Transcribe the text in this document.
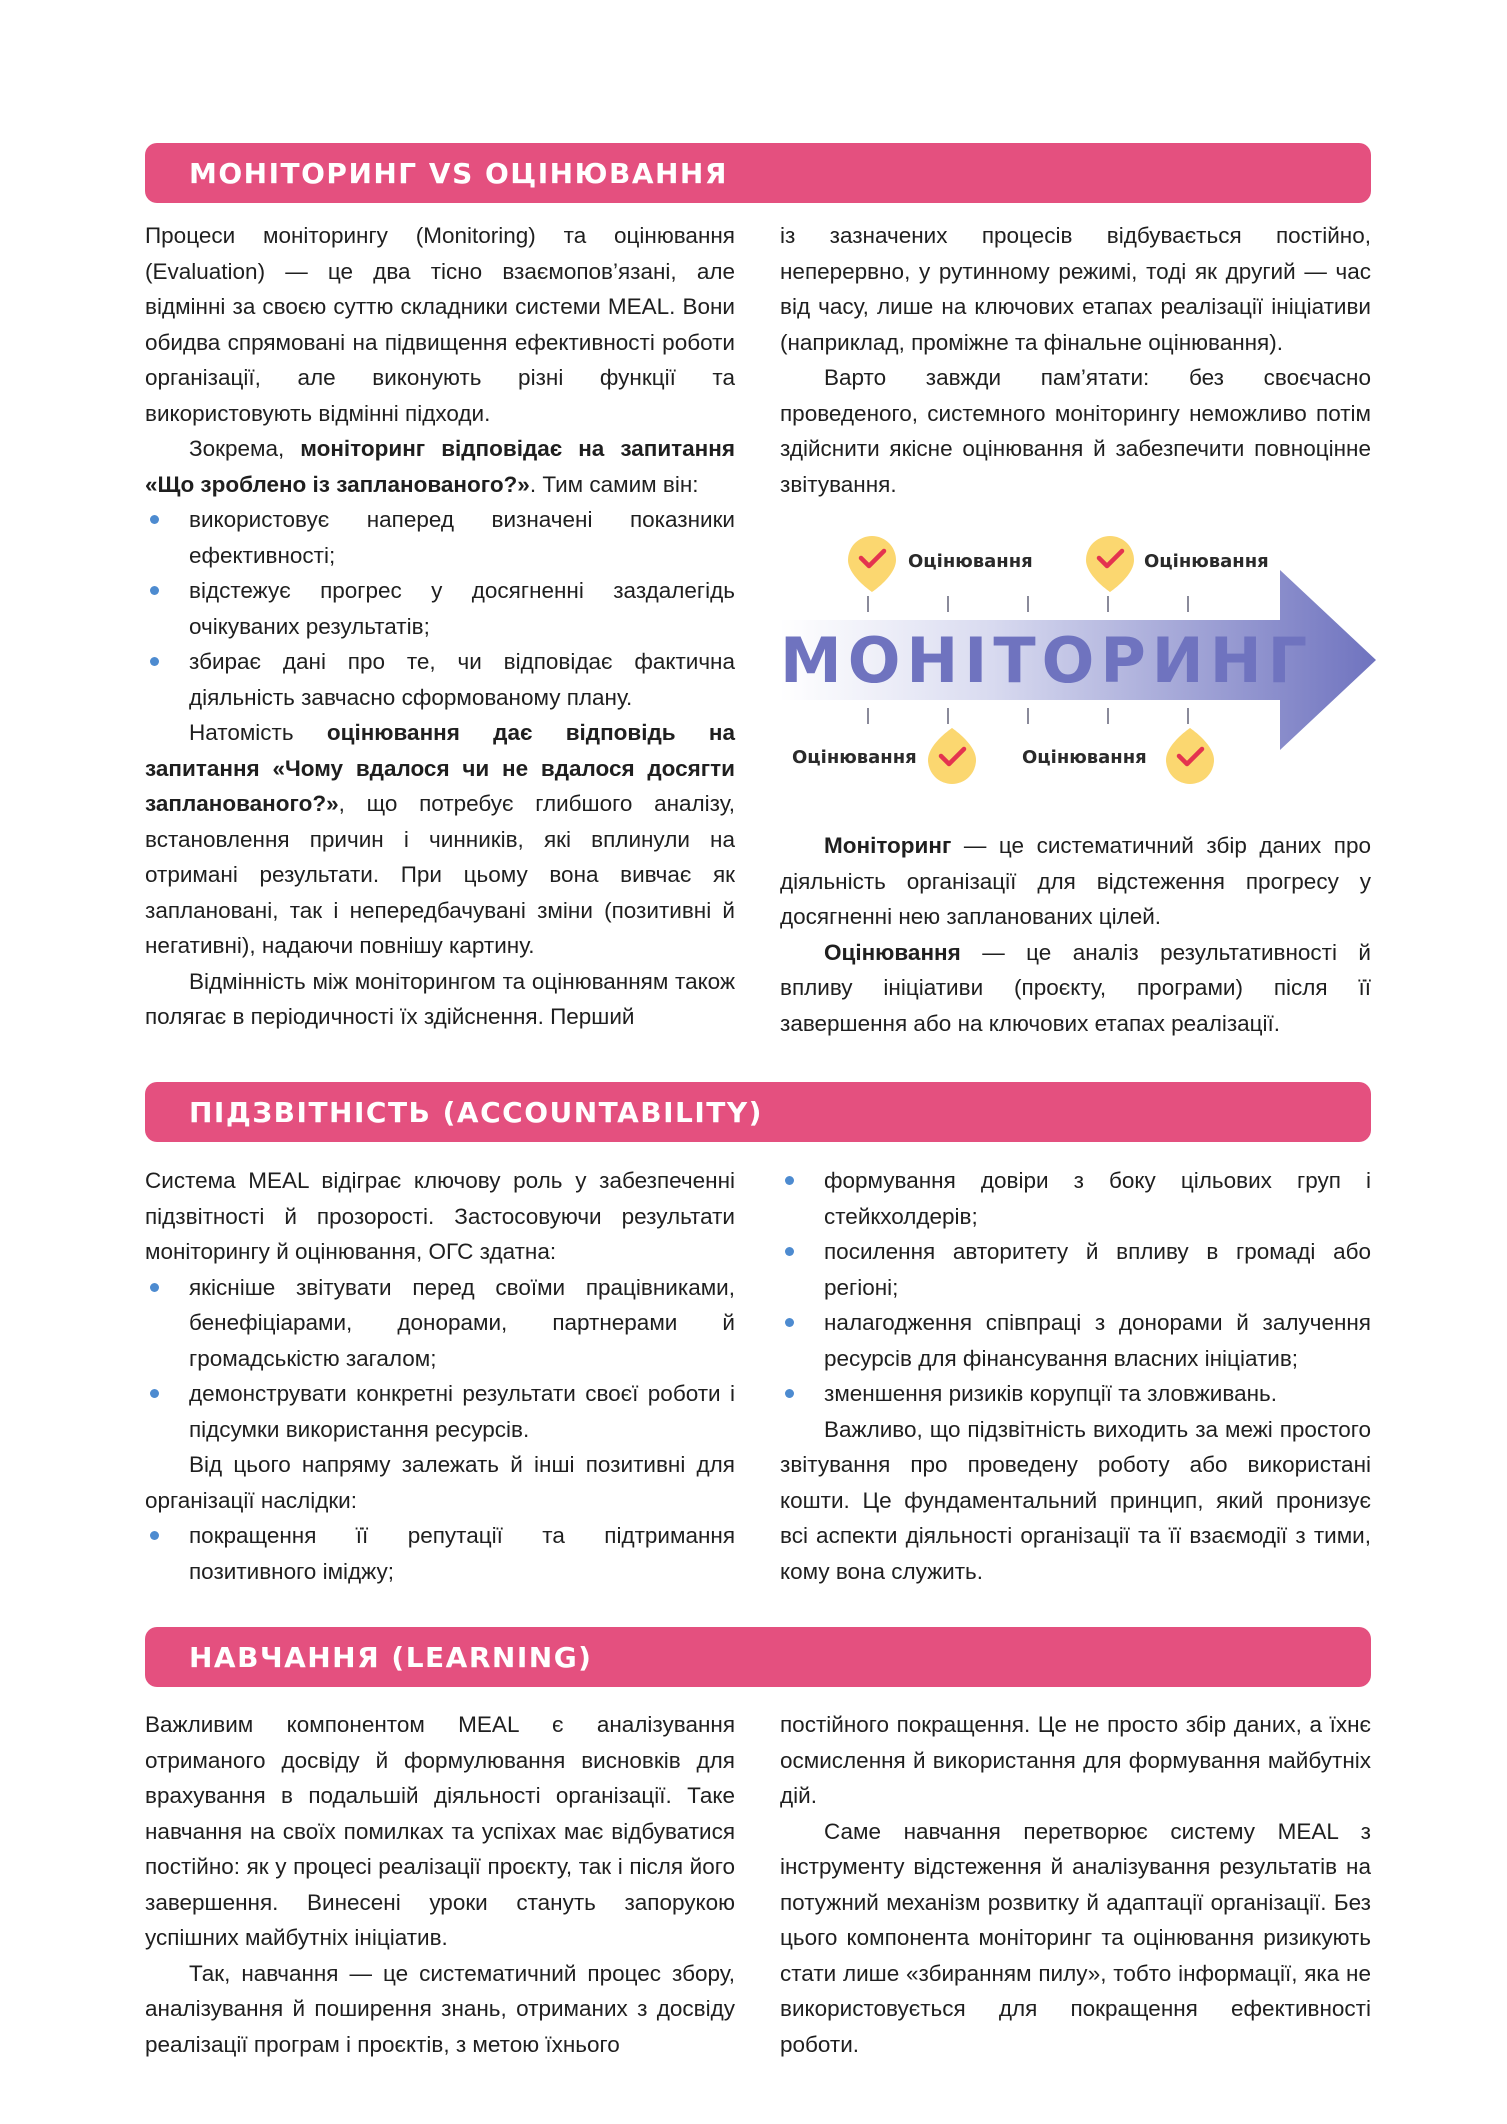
МОНІТОРИНГ VS ОЦІНЮВАННЯ

Процеси моніторингу (Monitoring) та оцінювання (Evaluation) — це два тісно взаємопов’язані, але відмінні за своєю суттю складники системи MEAL. Вони обидва спрямовані на підвищення ефективності роботи організації, але виконують різні функції та використовують відмінні підходи.

Зокрема, моніторинг відповідає на запитання «Що зроблено із запланованого?». Тим самим він:

використовує наперед визначені показники ефективності;
відстежує прогрес у досягненні заздалегідь очікуваних результатів;
збирає дані про те, чи відповідає фактична діяльність завчасно сформованому плану.

Натомість оцінювання дає відповідь на запитання «Чому вдалося чи не вдалося досягти запланованого?», що потребує глибшого аналізу, встановлення причин і чинників, які вплинули на отримані результати. При цьому вона вивчає як заплановані, так і непередбачувані зміни (позитивні й негативні), надаючи повнішу картину.

Відмінність між моніторингом та оцінюванням також полягає в періодичності їх здійснення. Перший

із зазначених процесів відбувається постійно, неперервно, у рутинному режимі, тоді як другий — час від часу, лише на ключових етапах реалізації ініціативи (наприклад, проміжне та фінальне оцінювання).

Варто завжди пам’ятати: без своєчасно проведеного, системного моніторингу неможливо потім здійснити якісне оцінювання й забезпечити повноцінне звітування.

МОНІТОРИНГ
Оцінювання	Оцінювання
Оцінювання	Оцінювання

Моніторинг — це систематичний збір даних про діяльність організації для відстеження прогресу у досягненні нею запланованих цілей.

Оцінювання — це аналіз результативності й впливу ініціативи (проєкту, програми) після її завершення або на ключових етапах реалізації.

ПІДЗВІТНІСТЬ (ACCOUNTABILITY)

Система MEAL відіграє ключову роль у забезпеченні підзвітності й прозорості. Застосовуючи результати моніторингу й оцінювання, ОГС здатна:

якісніше звітувати перед своїми працівниками, бенефіціарами, донорами, партнерами й громадськістю загалом;
демонструвати конкретні результати своєї роботи і підсумки використання ресурсів.

Від цього напряму залежать й інші позитивні для організації наслідки:

покращення її репутації та підтримання позитивного іміджу;
формування довіри з боку цільових груп і стейкхолдерів;
посилення авторитету й впливу в громаді або регіоні;
налагодження співпраці з донорами й залучення ресурсів для фінансування власних ініціатив;
зменшення ризиків корупції та зловживань.

Важливо, що підзвітність виходить за межі простого звітування про проведену роботу або використані кошти. Це фундаментальний принцип, який пронизує всі аспекти діяльності організації та її взаємодії з тими, кому вона служить.

НАВЧАННЯ (LEARNING)

Важливим компонентом MEAL є аналізування отриманого досвіду й формулювання висновків для врахування в подальшій діяльності організації. Таке навчання на своїх помилках та успіхах має відбуватися постійно: як у процесі реалізації проєкту, так і після його завершення. Винесені уроки стануть запорукою успішних майбутніх ініціатив.

Так, навчання — це систематичний процес збору, аналізування й поширення знань, отриманих з досвіду реалізації програм і проєктів, з метою їхнього

постійного покращення. Це не просто збір даних, а їхнє осмислення й використання для формування майбутніх дій.

Саме навчання перетворює систему MEAL з інструменту відстеження й аналізування результатів на потужний механізм розвитку й адаптації організації. Без цього компонента моніторинг та оцінювання ризикують стати лише «збиранням пилу», тобто інформації, яка не використовується для покращення ефективності роботи.
